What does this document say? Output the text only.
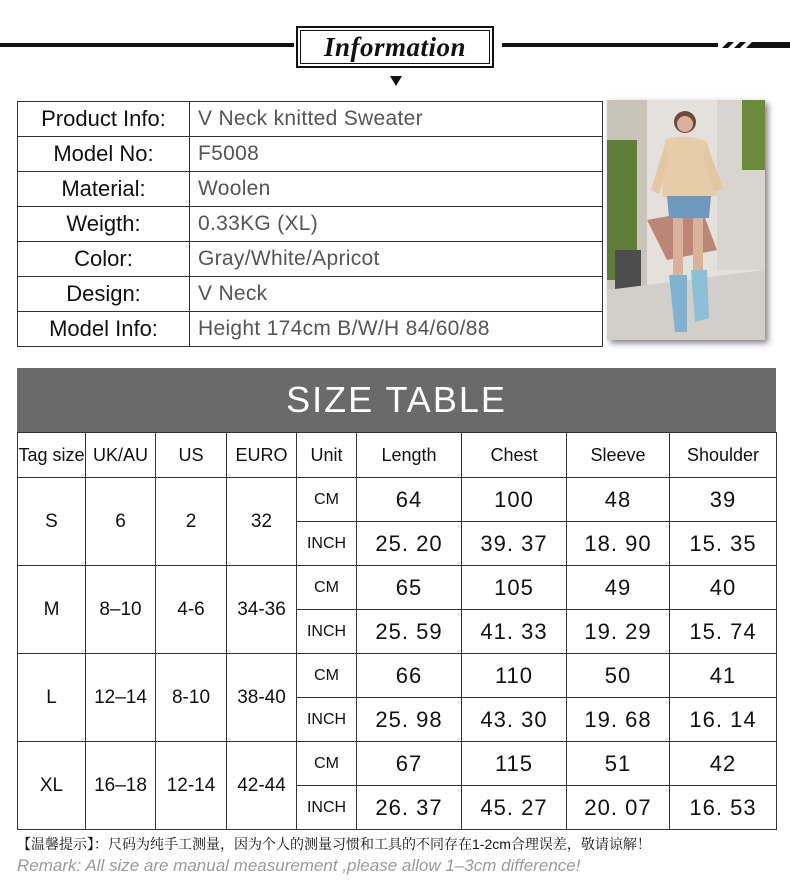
Information
Product Info:	V Neck knitted Sweater
Model No:	F5008
Material:	Woolen
Weigth:	0.33KG (XL)
Color:	Gray/White/Apricot
Design:	V Neck
Model Info:	Height 174cm B/W/H 84/60/88
SIZE TABLE
Tag size	UK/AU	US	EURO	Unit	Length	Chest	Sleeve	Shoulder
S	6	2	32	CM	64	100	48	39
				INCH	25. 20	39. 37	18. 90	15. 35
M	8–10	4-6	34-36	CM	65	105	49	40
				INCH	25. 59	41. 33	19. 29	15. 74
L	12–14	8-10	38-40	CM	66	110	50	41
				INCH	25. 98	43. 30	19. 68	16. 14
XL	16–18	12-14	42-44	CM	67	115	51	42
				INCH	26. 37	45. 27	20. 07	16. 53
【温馨提示】：尺码为纯手工测量，因为个人的测量习惯和工具的不同存在1-2cm合理误差，敬请谅解！
Remark: All size are manual measurement ,please allow 1–3cm difference!
